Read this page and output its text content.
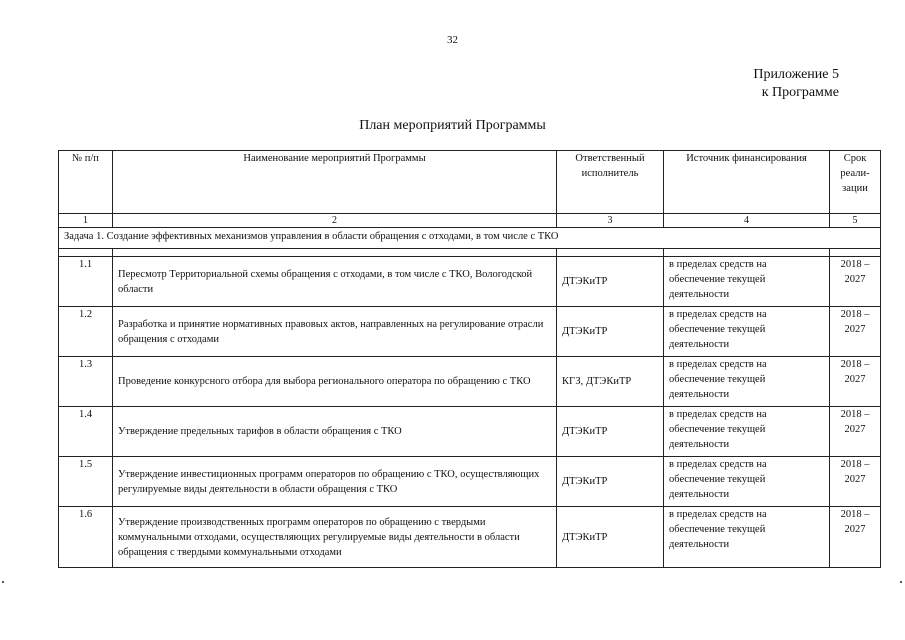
32
Приложение 5
к Программе
План мероприятий Программы
№ п/п	Наименование мероприятий Программы	Ответственный исполнитель	Источник финансирования	Срок реали-зации
1	2	3	4	5
Задача 1. Создание эффективных механизмов управления в области обращения с отходами, в том числе с ТКО				

1.1	Пересмотр Территориальной схемы обращения с отходами, в том числе с ТКО, Вологодской области	ДТЭКиТР	в пределах средств на обеспечение текущей деятельности	2018 – 2027
1.2	Разработка и принятие нормативных правовых актов, направленных на регулирование отрасли обращения с отходами	ДТЭКиТР	в пределах средств на обеспечение текущей деятельности	2018 – 2027
1.3	Проведение конкурсного отбора для выбора регионального оператора по обращению с ТКО	КГЗ, ДТЭКиТР	в пределах средств на обеспечение текущей деятельности	2018 – 2027
1.4	Утверждение предельных тарифов в области обращения с ТКО	ДТЭКиТР	в пределах средств на обеспечение текущей деятельности	2018 – 2027
1.5	Утверждение инвестиционных программ операторов по обращению с ТКО, осуществляющих регулируемые виды деятельности в области обращения с ТКО	ДТЭКиТР	в пределах средств на обеспечение текущей деятельности	2018 – 2027
1.6	Утверждение производственных программ операторов по обращению с твердыми коммунальными отходами, осуществляющих регулируемые виды деятельности в области обращения с твердыми коммунальными отходами	ДТЭКиТР	в пределах средств на обеспечение текущей деятельности	2018 – 2027
